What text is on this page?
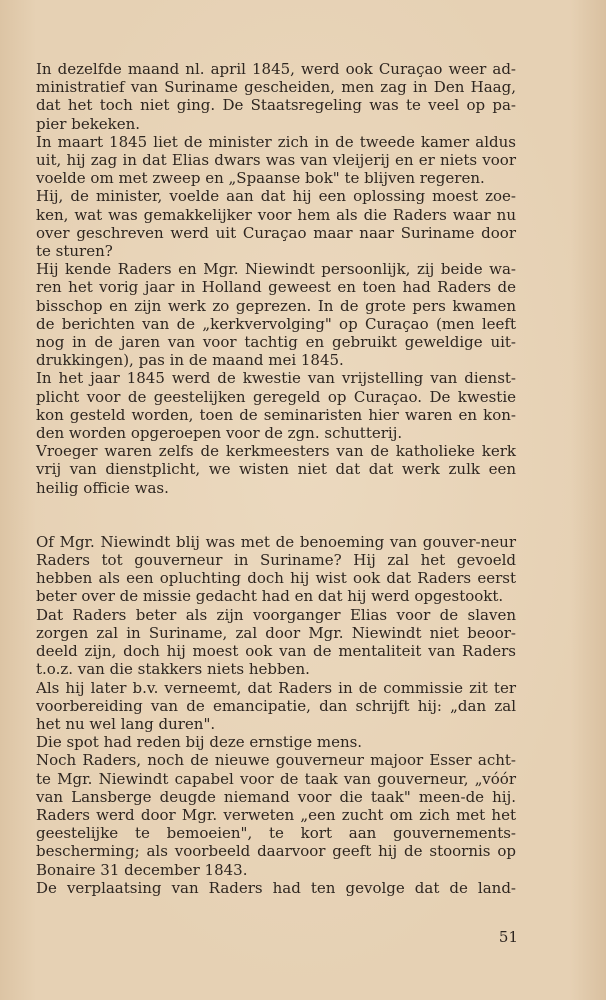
In dezelfde maand nl. april 1845, werd ook Curaçao weer ad-ministratief van Suriname gescheiden, men zag in Den Haag, dat het toch niet ging. De Staatsregeling was te veel op pa-pier bekeken.

In maart 1845 liet de minister zich in de tweede kamer aldus uit, hij zag in dat Elias dwars was van vleijerij en er niets voor voelde om met zweep en „Spaanse bok" te blijven regeren.

Hij, de minister, voelde aan dat hij een oplossing moest zoe-ken, wat was gemakkelijker voor hem als die Raders waar nu over geschreven werd uit Curaçao maar naar Suriname door te sturen?

Hij kende Raders en Mgr. Niewindt persoonlijk, zij beide wa-ren het vorig jaar in Holland geweest en toen had Raders de bisschop en zijn werk zo geprezen. In de grote pers kwamen de berichten van de „kerkvervolging" op Curaçao (men leeft nog in de jaren van voor tachtig en gebruikt geweldige uit-drukkingen), pas in de maand mei 1845.

In het jaar 1845 werd de kwestie van vrijstelling van dienst-plicht voor de geestelijken geregeld op Curaçao. De kwestie kon gesteld worden, toen de seminaristen hier waren en kon-den worden opgeroepen voor de zgn. schutterij.

Vroeger waren zelfs de kerkmeesters van de katholieke kerk vrij van dienstplicht, we wisten niet dat dat werk zulk een heilig officie was.

Of Mgr. Niewindt blij was met de benoeming van gouver-neur Raders tot gouverneur in Suriname? Hij zal het gevoeld hebben als een opluchting doch hij wist ook dat Raders eerst beter over de missie gedacht had en dat hij werd opgestookt.

Dat Raders beter als zijn voorganger Elias voor de slaven zorgen zal in Suriname, zal door Mgr. Niewindt niet beoor-deeld zijn, doch hij moest ook van de mentaliteit van Raders t.o.z. van die stakkers niets hebben.

Als hij later b.v. verneemt, dat Raders in de commissie zit ter voorbereiding van de emancipatie, dan schrijft hij: „dan zal het nu wel lang duren".

Die spot had reden bij deze ernstige mens.

Noch Raders, noch de nieuwe gouverneur majoor Esser acht-te Mgr. Niewindt capabel voor de taak van gouverneur, „vóór van Lansberge deugde niemand voor die taak" meen-de hij. Raders werd door Mgr. verweten „een zucht om zich met het geestelijke te bemoeien", te kort aan gouvernements-bescherming; als voorbeeld daarvoor geeft hij de stoornis op Bonaire 31 december 1843.

De verplaatsing van Raders had ten gevolge dat de land-

51
